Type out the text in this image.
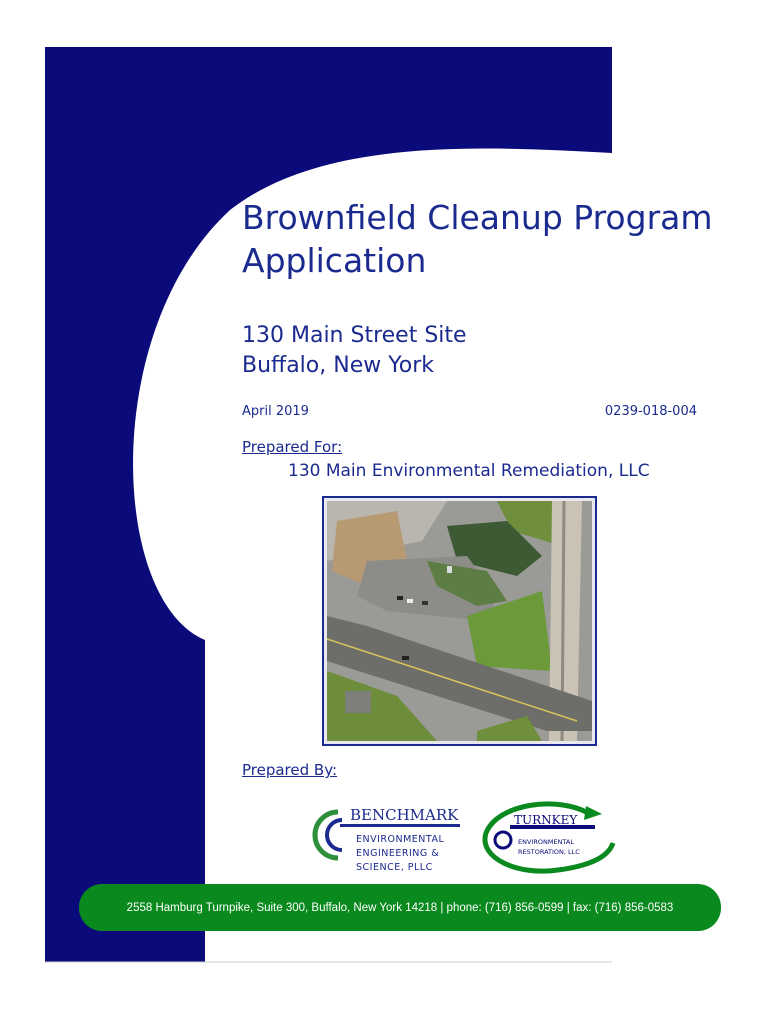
Brownfield Cleanup Program
Application
130 Main Street Site
Buffalo, New York
April 2019	0239-018-004
Prepared For:
130 Main Environmental Remediation, LLC
Prepared By:
BENCHMARK
ENVIRONMENTAL
ENGINEERING &
SCIENCE, PLLC
TURNKEY
ENVIRONMENTAL
RESTORATION, LLC
2558 Hamburg Turnpike, Suite 300, Buffalo, New York 14218 | phone: (716) 856-0599 | fax: (716) 856-0583
